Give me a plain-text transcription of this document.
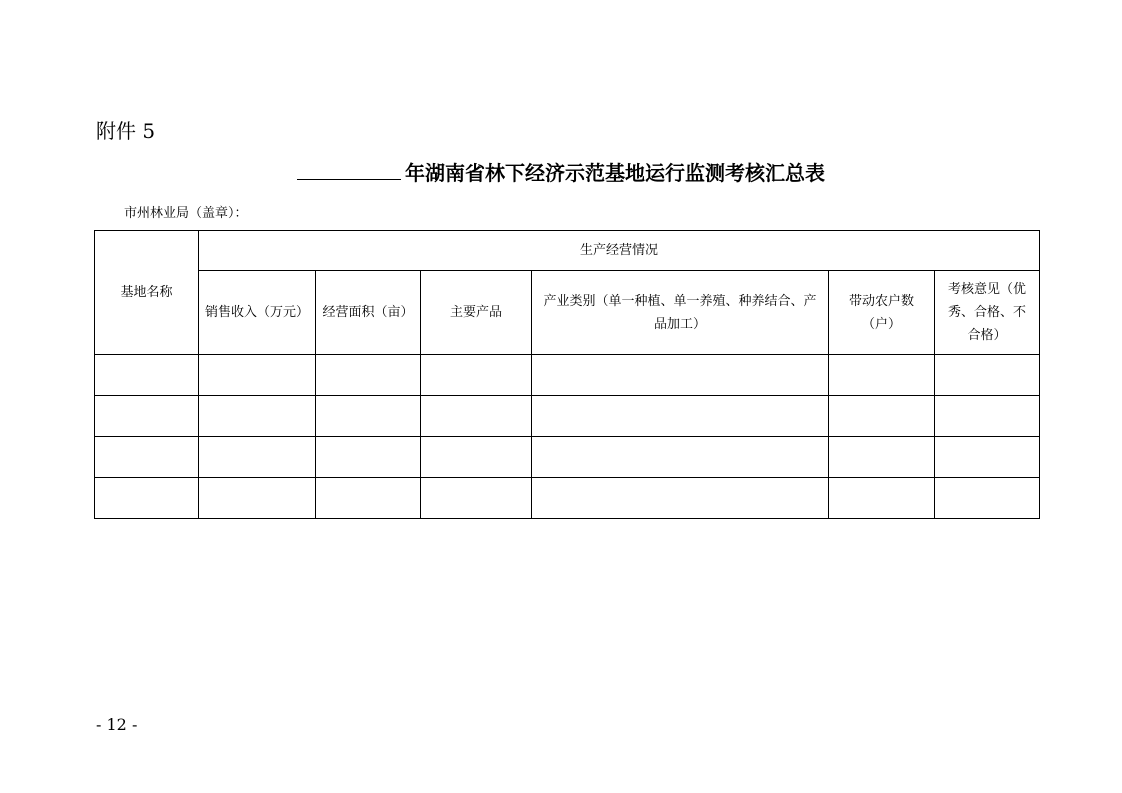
附件 5
年湖南省林下经济示范基地运行监测考核汇总表
市州林业局（盖章）：
基地名称	生产经营情况					
	销售收入（万元）	经营面积（亩）	主要产品	产业类别（单一种植、单一养殖、种养结合、产品加工）	带动农户数（户）	考核意见（优秀、合格、不合格）

- 12 -
